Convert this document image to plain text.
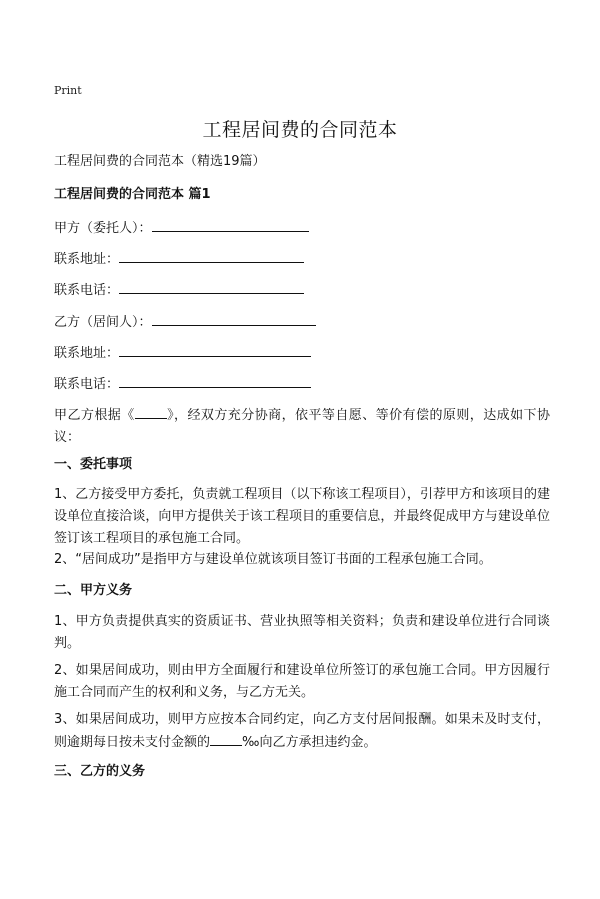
Print
工程居间费的合同范本

工程居间费的合同范本（精选19篇）

工程居间费的合同范本 篇1

甲方（委托人）：

联系地址：

联系电话：

乙方（居间人）：

联系地址：

联系电话：

甲乙方根据《 》，经双方充分协商，依平等自愿、等价有偿的原则，达成如下协议：

一、委托事项

1、乙方接受甲方委托，负责就工程项目（以下称该工程项目），引荐甲方和该项目的建设单位直接洽谈，向甲方提供关于该工程项目的重要信息，并最终促成甲方与建设单位签订该工程项目的承包施工合同。

2、“居间成功”是指甲方与建设单位就该项目签订书面的工程承包施工合同。

二、甲方义务

1、甲方负责提供真实的资质证书、营业执照等相关资料；负责和建设单位进行合同谈判。

2、如果居间成功，则由甲方全面履行和建设单位所签订的承包施工合同。甲方因履行施工合同而产生的权利和义务，与乙方无关。

3、如果居间成功，则甲方应按本合同约定，向乙方支付居间报酬。如果未及时支付，则逾期每日按未支付金额的 ‰向乙方承担违约金。

三、乙方的义务
